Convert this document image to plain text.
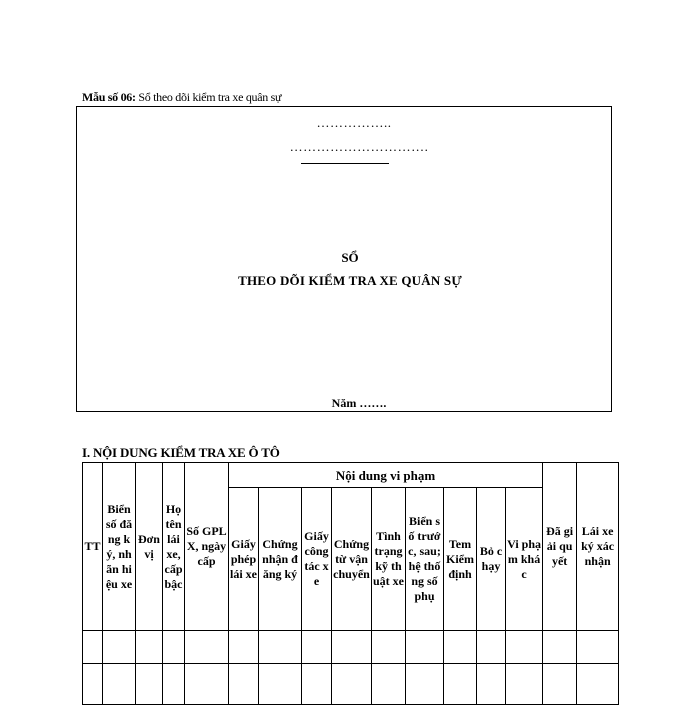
Mẫu số 06: Sổ theo dõi kiểm tra xe quân sự
……………..
………………………….
SỔ
THEO DÕI KIỂM TRA XE QUÂN SỰ
Năm …….
I. NỘI DUNG KIỂM TRA XE Ô TÔ
TT	Biển số đăng ký, nhãn hiệu xe	Đơn vị	Họ tên lái xe, cấp bậc	Số GPLX, ngày cấp	Nội dung vi phạm									Đã giải quyết	Lái xe ký xác nhận
					Giấy phép lái xe	Chứng nhận đăng ký	Giấy công tác xe	Chứng từ vận chuyển	Tình trạng kỹ thuật xe	Biển số trước, sau; hệ thống số phụ	Tem Kiểm định	Bỏ chạy	Vi phạm khác		
